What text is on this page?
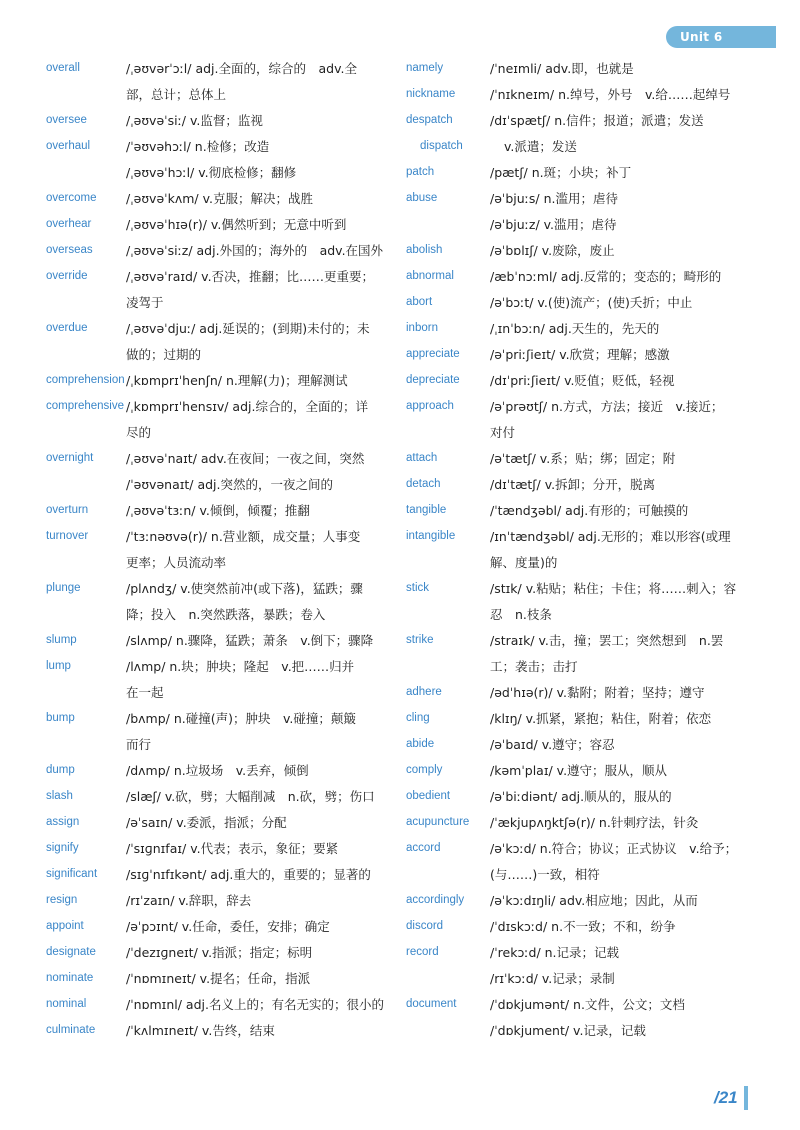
Unit 6
overall	/ˌəʊvərˈɔːl/ adj.全面的，综合的　adv.全
部，总计；总体上
oversee	/ˌəʊvəˈsiː/ v.监督；监视
overhaul	/ˈəʊvəhɔːl/ n.检修；改造
/ˌəʊvəˈhɔːl/ v.彻底检修；翻修
overcome	/ˌəʊvəˈkʌm/ v.克服；解决；战胜
overhear	/ˌəʊvəˈhɪə(r)/ v.偶然听到；无意中听到
overseas	/ˌəʊvəˈsiːz/ adj.外国的；海外的　adv.在国外
override	/ˌəʊvəˈraɪd/ v.否决，推翻；比……更重要；
凌驾于
overdue	/ˌəʊvəˈdjuː/ adj.延误的；(到期)未付的；未
做的；过期的
comprehension /ˌkɒmprɪˈhenʃn/ n.理解(力)；理解测试
comprehensive /ˌkɒmprɪˈhensɪv/ adj.综合的，全面的；详
尽的
overnight	/ˌəʊvəˈnaɪt/ adv.在夜间；一夜之间，突然
/ˈəʊvənaɪt/ adj.突然的，一夜之间的
overturn	/ˌəʊvəˈtɜːn/ v.倾倒，倾覆；推翻
turnover	/ˈtɜːnəʊvə(r)/ n.营业额，成交量；人事变
更率；人员流动率
plunge	/plʌndʒ/ v.使突然前冲(或下落)，猛跌；骤
降；投入　n.突然跌落，暴跌；卷入
slump	/slʌmp/ n.骤降，猛跌；萧条　v.倒下；骤降
lump	/lʌmp/ n.块；肿块；隆起　v.把……归并
在一起
bump	/bʌmp/ n.碰撞(声)；肿块　v.碰撞；颠簸
而行
dump	/dʌmp/ n.垃圾场　v.丢弃，倾倒
slash	/slæʃ/ v.砍，劈；大幅削减　n.砍，劈；伤口
assign	/əˈsaɪn/ v.委派，指派；分配
signify	/ˈsɪɡnɪfaɪ/ v.代表；表示，象征；要紧
significant	/sɪɡˈnɪfɪkənt/ adj.重大的，重要的；显著的
resign	/rɪˈzaɪn/ v.辞职，辞去
appoint	/əˈpɔɪnt/ v.任命，委任，安排；确定
designate	/ˈdezɪɡneɪt/ v.指派；指定；标明
nominate	/ˈnɒmɪneɪt/ v.提名；任命，指派
nominal	/ˈnɒmɪnl/ adj.名义上的；有名无实的；很小的
culminate	/ˈkʌlmɪneɪt/ v.告终，结束
namely	/ˈneɪmli/ adv.即，也就是
nickname	/ˈnɪkneɪm/ n.绰号，外号　v.给……起绰号
despatch	/dɪˈspætʃ/ n.信件；报道；派遣；发送
dispatch	v.派遣；发送
patch	/pætʃ/ n.斑；小块；补丁
abuse	/əˈbjuːs/ n.滥用；虐待
/əˈbjuːz/ v.滥用；虐待
abolish	/əˈbɒlɪʃ/ v.废除，废止
abnormal	/æbˈnɔːml/ adj.反常的；变态的；畸形的
abort	/əˈbɔːt/ v.(使)流产；(使)夭折；中止
inborn	/ˌɪnˈbɔːn/ adj.天生的，先天的
appreciate	/əˈpriːʃieɪt/ v.欣赏；理解；感激
depreciate	/dɪˈpriːʃieɪt/ v.贬值；贬低，轻视
approach	/əˈprəʊtʃ/ n.方式，方法；接近　v.接近；
对付
attach	/əˈtætʃ/ v.系；贴；绑；固定；附
detach	/dɪˈtætʃ/ v.拆卸；分开，脱离
tangible	/ˈtændʒəbl/ adj.有形的；可触摸的
intangible	/ɪnˈtændʒəbl/ adj.无形的；难以形容(或理
解、度量)的
stick	/stɪk/ v.粘贴；粘住；卡住；将……刺入；容
忍　n.枝条
strike	/straɪk/ v.击，撞；罢工；突然想到　n.罢
工；袭击；击打
adhere	/ədˈhɪə(r)/ v.黏附；附着；坚持；遵守
cling	/klɪŋ/ v.抓紧，紧抱；粘住，附着；依恋
abide	/əˈbaɪd/ v.遵守；容忍
comply	/kəmˈplaɪ/ v.遵守；服从，顺从
obedient	/əˈbiːdiənt/ adj.顺从的，服从的
acupuncture	/ˈækjupʌŋktʃə(r)/ n.针刺疗法，针灸
accord	/əˈkɔːd/ n.符合；协议；正式协议　v.给予；
(与……)一致，相符
accordingly	/əˈkɔːdɪŋli/ adv.相应地；因此，从而
discord	/ˈdɪskɔːd/ n.不一致；不和，纷争
record	/ˈrekɔːd/ n.记录；记载
/rɪˈkɔːd/ v.记录；录制
document	/ˈdɒkjumənt/ n.文件，公文；文档
/ˈdɒkjument/ v.记录，记载
/21
